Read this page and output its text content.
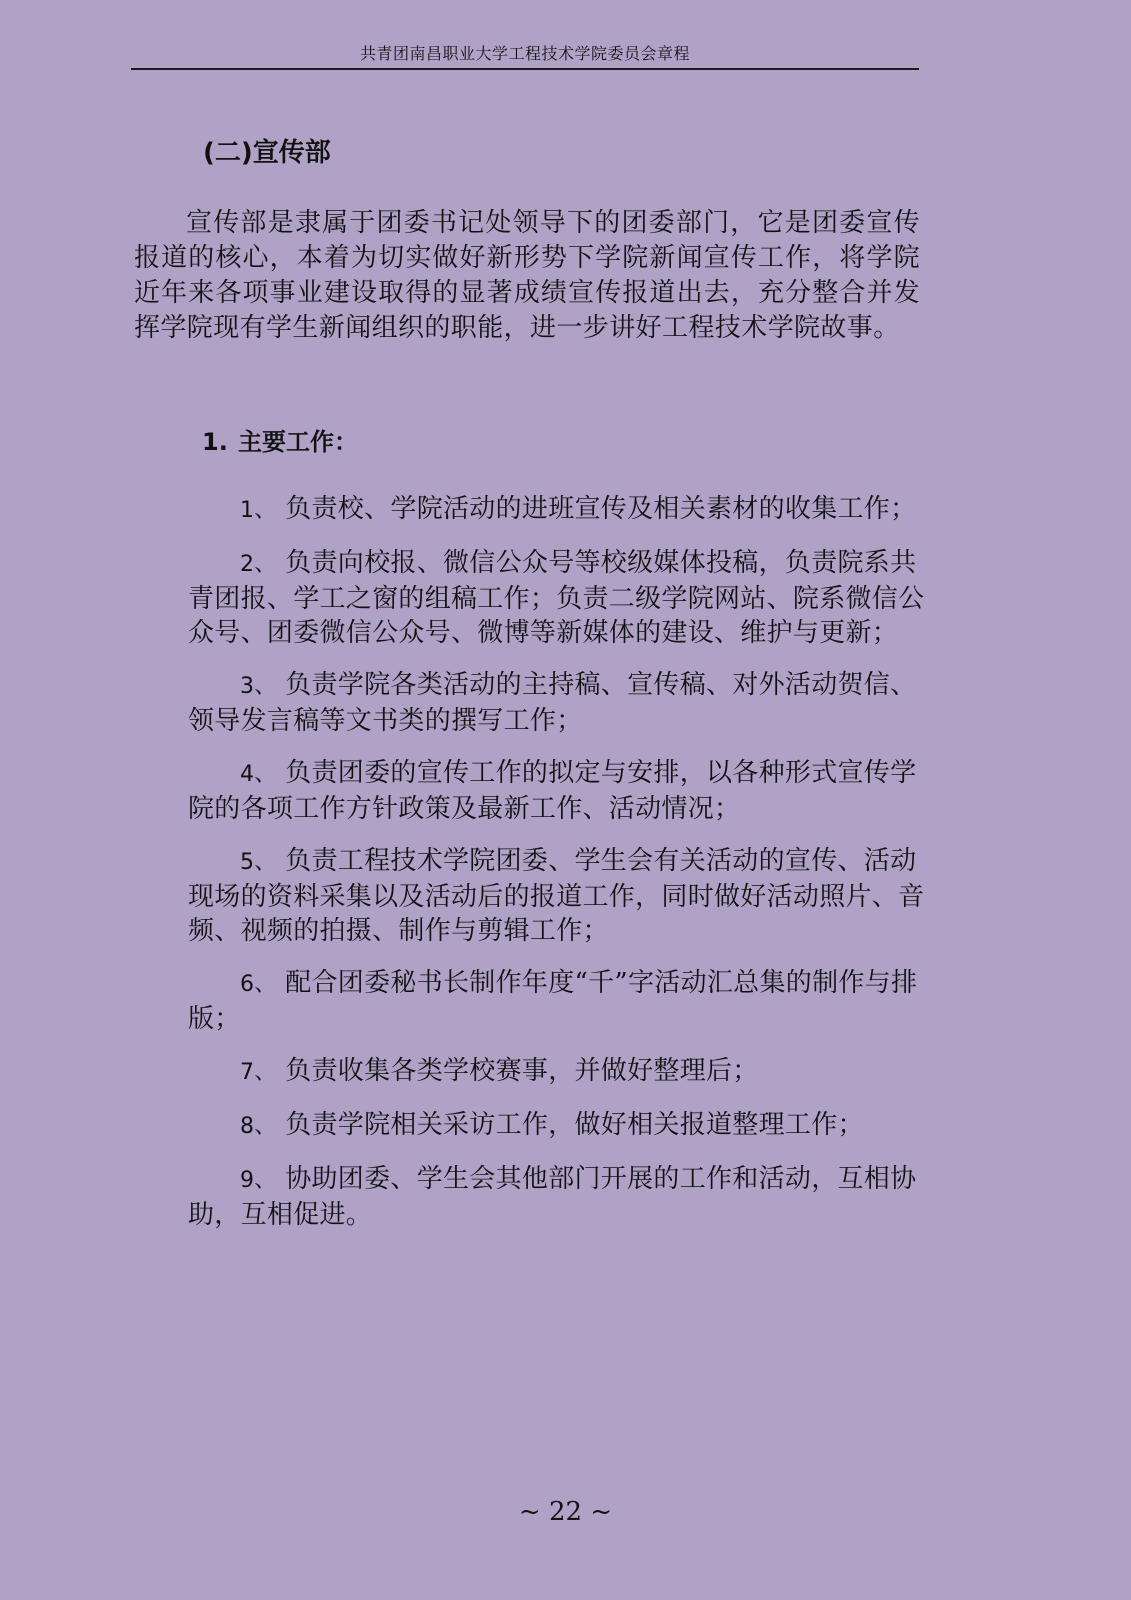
共青团南昌职业大学工程技术学院委员会章程
(二)宣传部

宣传部是隶属于团委书记处领导下的团委部门，它是团委宣传报道的核心，本着为切实做好新形势下学院新闻宣传工作，将学院近年来各项事业建设取得的显著成绩宣传报道出去，充分整合并发挥学院现有学生新闻组织的职能，进一步讲好工程技术学院故事。

1. 主要工作：
1、 负责校、学院活动的进班宣传及相关素材的收集工作；
2、 负责向校报、微信公众号等校级媒体投稿，负责院系共青团报、学工之窗的组稿工作；负责二级学院网站、院系微信公众号、团委微信公众号、微博等新媒体的建设、维护与更新；
3、 负责学院各类活动的主持稿、宣传稿、对外活动贺信、领导发言稿等文书类的撰写工作；
4、 负责团委的宣传工作的拟定与安排，以各种形式宣传学院的各项工作方针政策及最新工作、活动情况；
5、 负责工程技术学院团委、学生会有关活动的宣传、活动现场的资料采集以及活动后的报道工作，同时做好活动照片、音频、视频的拍摄、制作与剪辑工作；
6、 配合团委秘书长制作年度“千”字活动汇总集的制作与排版；
7、 负责收集各类学校赛事，并做好整理后；
8、 负责学院相关采访工作，做好相关报道整理工作；
9、 协助团委、学生会其他部门开展的工作和活动，互相协助，互相促进。
~ 22 ~
